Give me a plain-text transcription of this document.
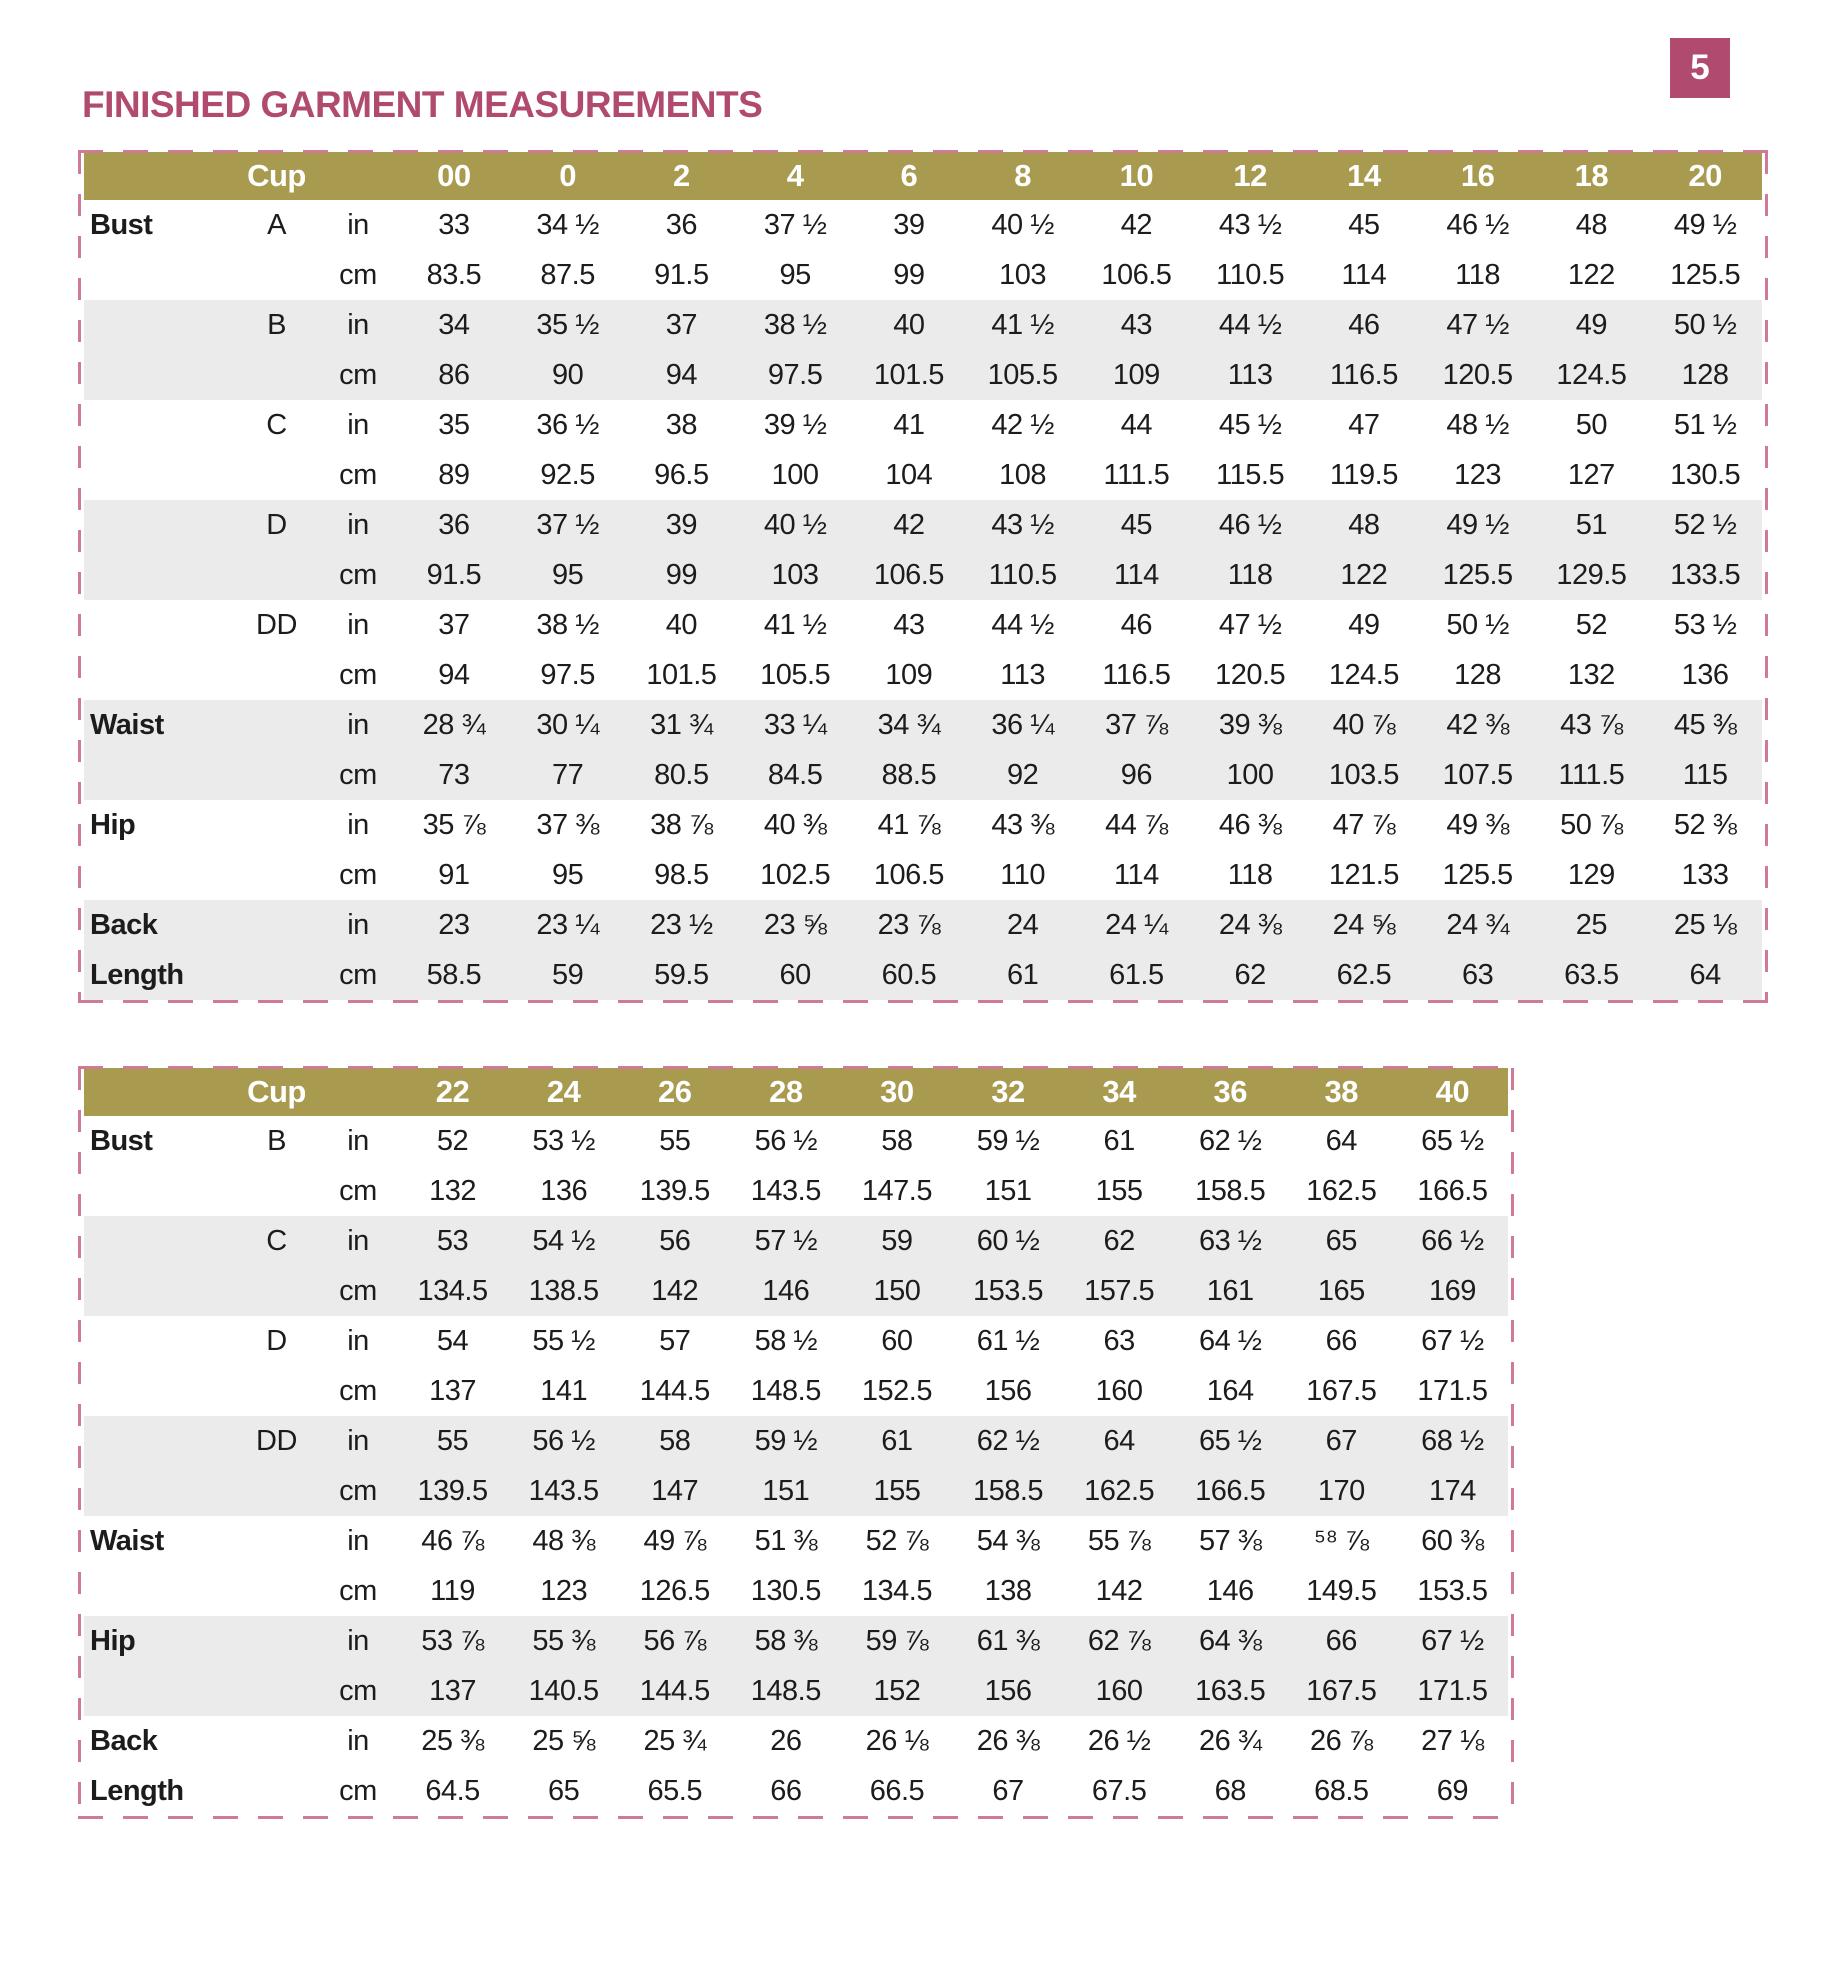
5
FINISHED GARMENT MEASUREMENTS
	Cup		00	0	2	4	6	8	10	12	14	16	18	20
Bust	A	in	33	34 ½	36	37 ½	39	40 ½	42	43 ½	45	46 ½	48	49 ½
		cm	83.5	87.5	91.5	95	99	103	106.5	110.5	114	118	122	125.5
	B	in	34	35 ½	37	38 ½	40	41 ½	43	44 ½	46	47 ½	49	50 ½
		cm	86	90	94	97.5	101.5	105.5	109	113	116.5	120.5	124.5	128
	C	in	35	36 ½	38	39 ½	41	42 ½	44	45 ½	47	48 ½	50	51 ½
		cm	89	92.5	96.5	100	104	108	111.5	115.5	119.5	123	127	130.5
	D	in	36	37 ½	39	40 ½	42	43 ½	45	46 ½	48	49 ½	51	52 ½
		cm	91.5	95	99	103	106.5	110.5	114	118	122	125.5	129.5	133.5
	DD	in	37	38 ½	40	41 ½	43	44 ½	46	47 ½	49	50 ½	52	53 ½
		cm	94	97.5	101.5	105.5	109	113	116.5	120.5	124.5	128	132	136
Waist		in	28 ¾	30 ¼	31 ¾	33 ¼	34 ¾	36 ¼	37 ⅞	39 ⅜	40 ⅞	42 ⅜	43 ⅞	45 ⅜
		cm	73	77	80.5	84.5	88.5	92	96	100	103.5	107.5	111.5	115
Hip		in	35 ⅞	37 ⅜	38 ⅞	40 ⅜	41 ⅞	43 ⅜	44 ⅞	46 ⅜	47 ⅞	49 ⅜	50 ⅞	52 ⅜
		cm	91	95	98.5	102.5	106.5	110	114	118	121.5	125.5	129	133
Back		in	23	23 ¼	23 ½	23 ⅝	23 ⅞	24	24 ¼	24 ⅜	24 ⅝	24 ¾	25	25 ⅛
Length		cm	58.5	59	59.5	60	60.5	61	61.5	62	62.5	63	63.5	64
	Cup		22	24	26	28	30	32	34	36	38	40
Bust	B	in	52	53 ½	55	56 ½	58	59 ½	61	62 ½	64	65 ½
		cm	132	136	139.5	143.5	147.5	151	155	158.5	162.5	166.5
	C	in	53	54 ½	56	57 ½	59	60 ½	62	63 ½	65	66 ½
		cm	134.5	138.5	142	146	150	153.5	157.5	161	165	169
	D	in	54	55 ½	57	58 ½	60	61 ½	63	64 ½	66	67 ½
		cm	137	141	144.5	148.5	152.5	156	160	164	167.5	171.5
	DD	in	55	56 ½	58	59 ½	61	62 ½	64	65 ½	67	68 ½
		cm	139.5	143.5	147	151	155	158.5	162.5	166.5	170	174
Waist		in	46 ⅞	48 ⅜	49 ⅞	51 ⅜	52 ⅞	54 ⅜	55 ⅞	57 ⅜	⁵⁸ ⅞	60 ⅜
		cm	119	123	126.5	130.5	134.5	138	142	146	149.5	153.5
Hip		in	53 ⅞	55 ⅜	56 ⅞	58 ⅜	59 ⅞	61 ⅜	62 ⅞	64 ⅜	66	67 ½
		cm	137	140.5	144.5	148.5	152	156	160	163.5	167.5	171.5
Back		in	25 ⅜	25 ⅝	25 ¾	26	26 ⅛	26 ⅜	26 ½	26 ¾	26 ⅞	27 ⅛
Length		cm	64.5	65	65.5	66	66.5	67	67.5	68	68.5	69
